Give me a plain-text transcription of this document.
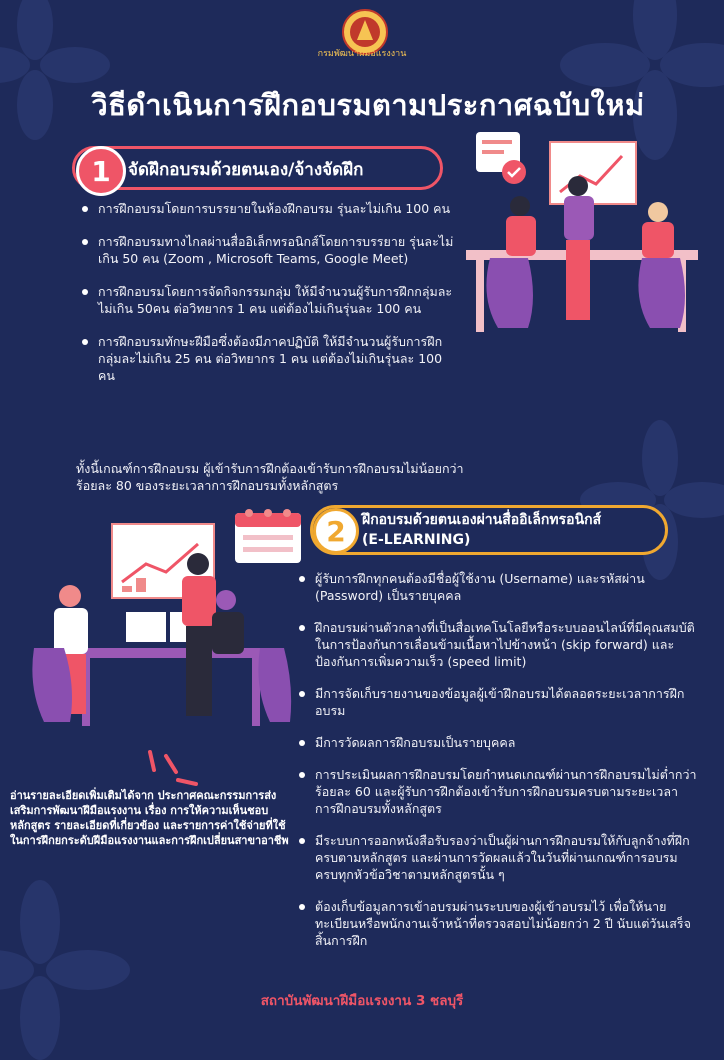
กรมพัฒนาฝีมือแรงงาน
วิธีดำเนินการฝึกอบรมตามประกาศฉบับใหม่
1	จัดฝึกอบรมด้วยตนเอง/จ้างจัดฝึก
การฝึกอบรมโดยการบรรยายในห้องฝึกอบรม รุ่นละไม่เกิน 100 คน
การฝึกอบรมทางไกลผ่านสื่ออิเล็กทรอนิกส์โดยการบรรยาย รุ่นละไม่เกิน 50 คน (Zoom , Microsoft Teams, Google Meet)
การฝึกอบรมโดยการจัดกิจกรรมกลุ่ม ให้มีจำนวนผู้รับการฝึกกลุ่มละไม่เกิน 50คน ต่อวิทยากร 1 คน แต่ต้องไม่เกินรุ่นละ 100 คน
การฝึกอบรมทักษะฝีมือซึ่งต้องมีภาคปฏิบัติ ให้มีจำนวนผู้รับการฝึกกลุ่มละไม่เกิน 25 คน ต่อวิทยากร 1 คน แต่ต้องไม่เกินรุ่นละ 100 คน
ทั้งนี้เกณฑ์การฝึกอบรม ผู้เข้ารับการฝึกต้องเข้ารับการฝึกอบรมไม่น้อยกว่าร้อยละ 80 ของระยะเวลาการฝึกอบรมทั้งหลักสูตร
2	ฝึกอบรมด้วยตนเองผ่านสื่ออิเล็กทรอนิกส์
(E-LEARNING)
ผู้รับการฝึกทุกคนต้องมีชื่อผู้ใช้งาน (Username) และรหัสผ่าน (Password) เป็นรายบุคคล
ฝึกอบรมผ่านตัวกลางที่เป็นสื่อเทคโนโลยีหรือระบบออนไลน์ที่มีคุณสมบัติในการป้องกันการเลื่อนข้ามเนื้อหาไปข้างหน้า (skip forward) และป้องกันการเพิ่มความเร็ว (speed limit)
มีการจัดเก็บรายงานของข้อมูลผู้เข้าฝึกอบรมได้ตลอดระยะเวลาการฝึกอบรม
มีการวัดผลการฝึกอบรมเป็นรายบุคคล
การประเมินผลการฝึกอบรมโดยกำหนดเกณฑ์ผ่านการฝึกอบรมไม่ต่ำกว่าร้อยละ 60 และผู้รับการฝึกต้องเข้ารับการฝึกอบรมครบตามระยะเวลาการฝึกอบรมทั้งหลักสูตร
มีระบบการออกหนังสือรับรองว่าเป็นผู้ผ่านการฝึกอบรมให้กับลูกจ้างที่ฝึกครบตามหลักสูตร และผ่านการวัดผลแล้วในวันที่ผ่านเกณฑ์การอบรมครบทุกหัวข้อวิชาตามหลักสูตรนั้น ๆ
ต้องเก็บข้อมูลการเข้าอบรมผ่านระบบของผู้เข้าอบรมไว้ เพื่อให้นายทะเบียนหรือพนักงานเจ้าหน้าที่ตรวจสอบไม่น้อยกว่า 2 ปี นับแต่วันเสร็จสิ้นการฝึก
อ่านรายละเอียดเพิ่มเติมได้จาก ประกาศคณะกรรมการส่งเสริมการพัฒนาฝีมือแรงงาน เรื่อง การให้ความเห็นชอบหลักสูตร รายละเอียดที่เกี่ยวข้อง และรายการค่าใช้จ่ายที่ใช้ในการฝึกยกระดับฝีมือแรงงานและการฝึกเปลี่ยนสาขาอาชีพ
สถาบันพัฒนาฝีมือแรงงาน 3 ชลบุรี
